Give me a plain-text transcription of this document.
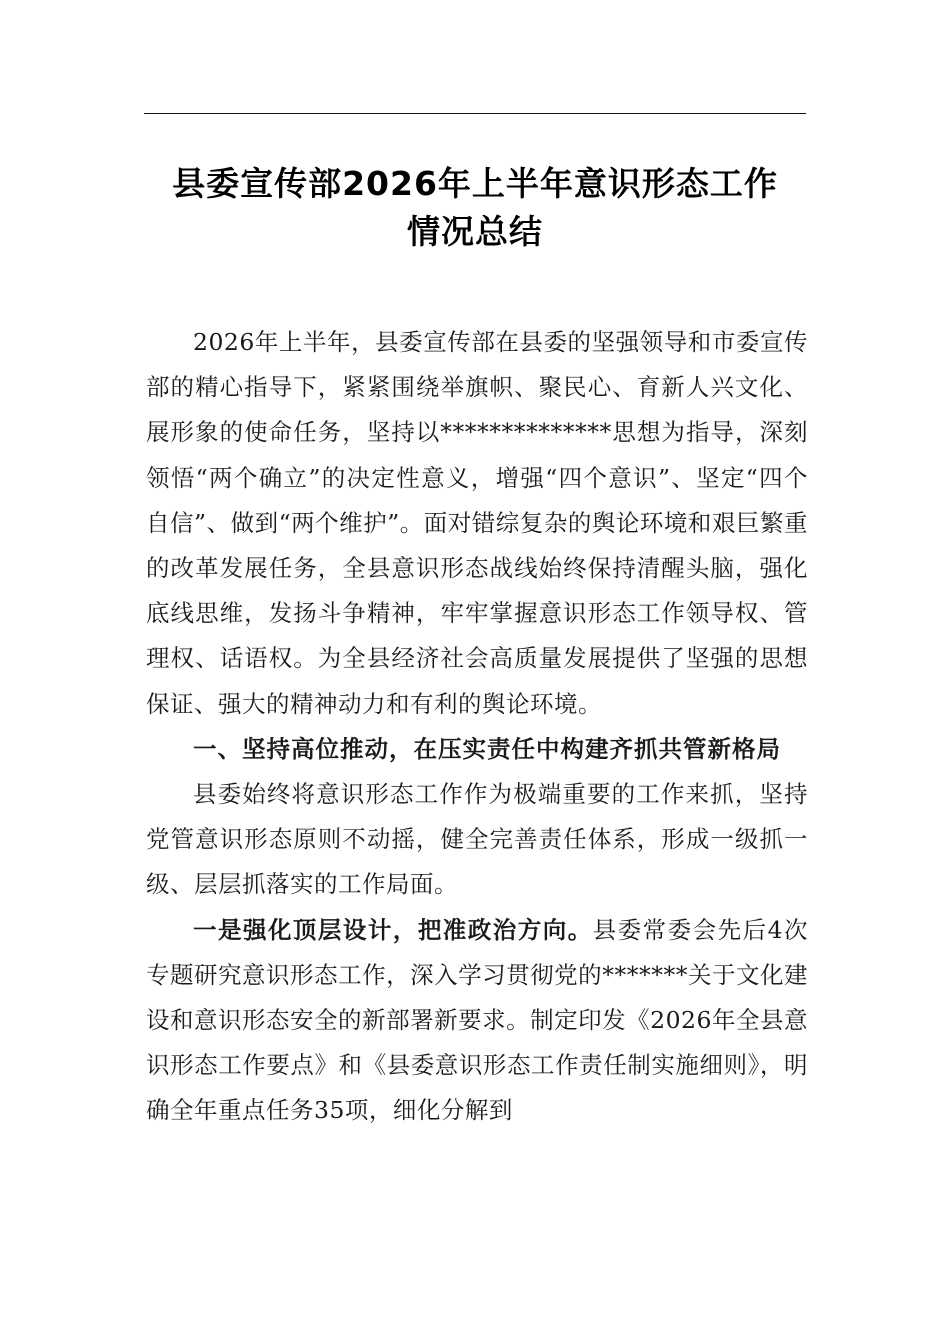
县委宣传部2026年上半年意识形态工作
情况总结

2026年上半年，县委宣传部在县委的坚强领导和市委宣传部的精心指导下，紧紧围绕举旗帜、聚民心、育新人兴文化、展形象的使命任务，坚持以**************思想为指导，深刻领悟“两个确立”的决定性意义，增强“四个意识”、坚定“四个自信”、做到“两个维护”。面对错综复杂的舆论环境和艰巨繁重的改革发展任务，全县意识形态战线始终保持清醒头脑，强化底线思维，发扬斗争精神，牢牢掌握意识形态工作领导权、管理权、话语权。为全县经济社会高质量发展提供了坚强的思想保证、强大的精神动力和有利的舆论环境。

一、坚持高位推动，在压实责任中构建齐抓共管新格局

县委始终将意识形态工作作为极端重要的工作来抓，坚持党管意识形态原则不动摇，健全完善责任体系，形成一级抓一级、层层抓落实的工作局面。

一是强化顶层设计，把准政治方向。县委常委会先后4次专题研究意识形态工作，深入学习贯彻党的*******关于文化建设和意识形态安全的新部署新要求。制定印发《2026年全县意识形态工作要点》和《县委意识形态工作责任制实施细则》，明确全年重点任务35项，细化分解到
